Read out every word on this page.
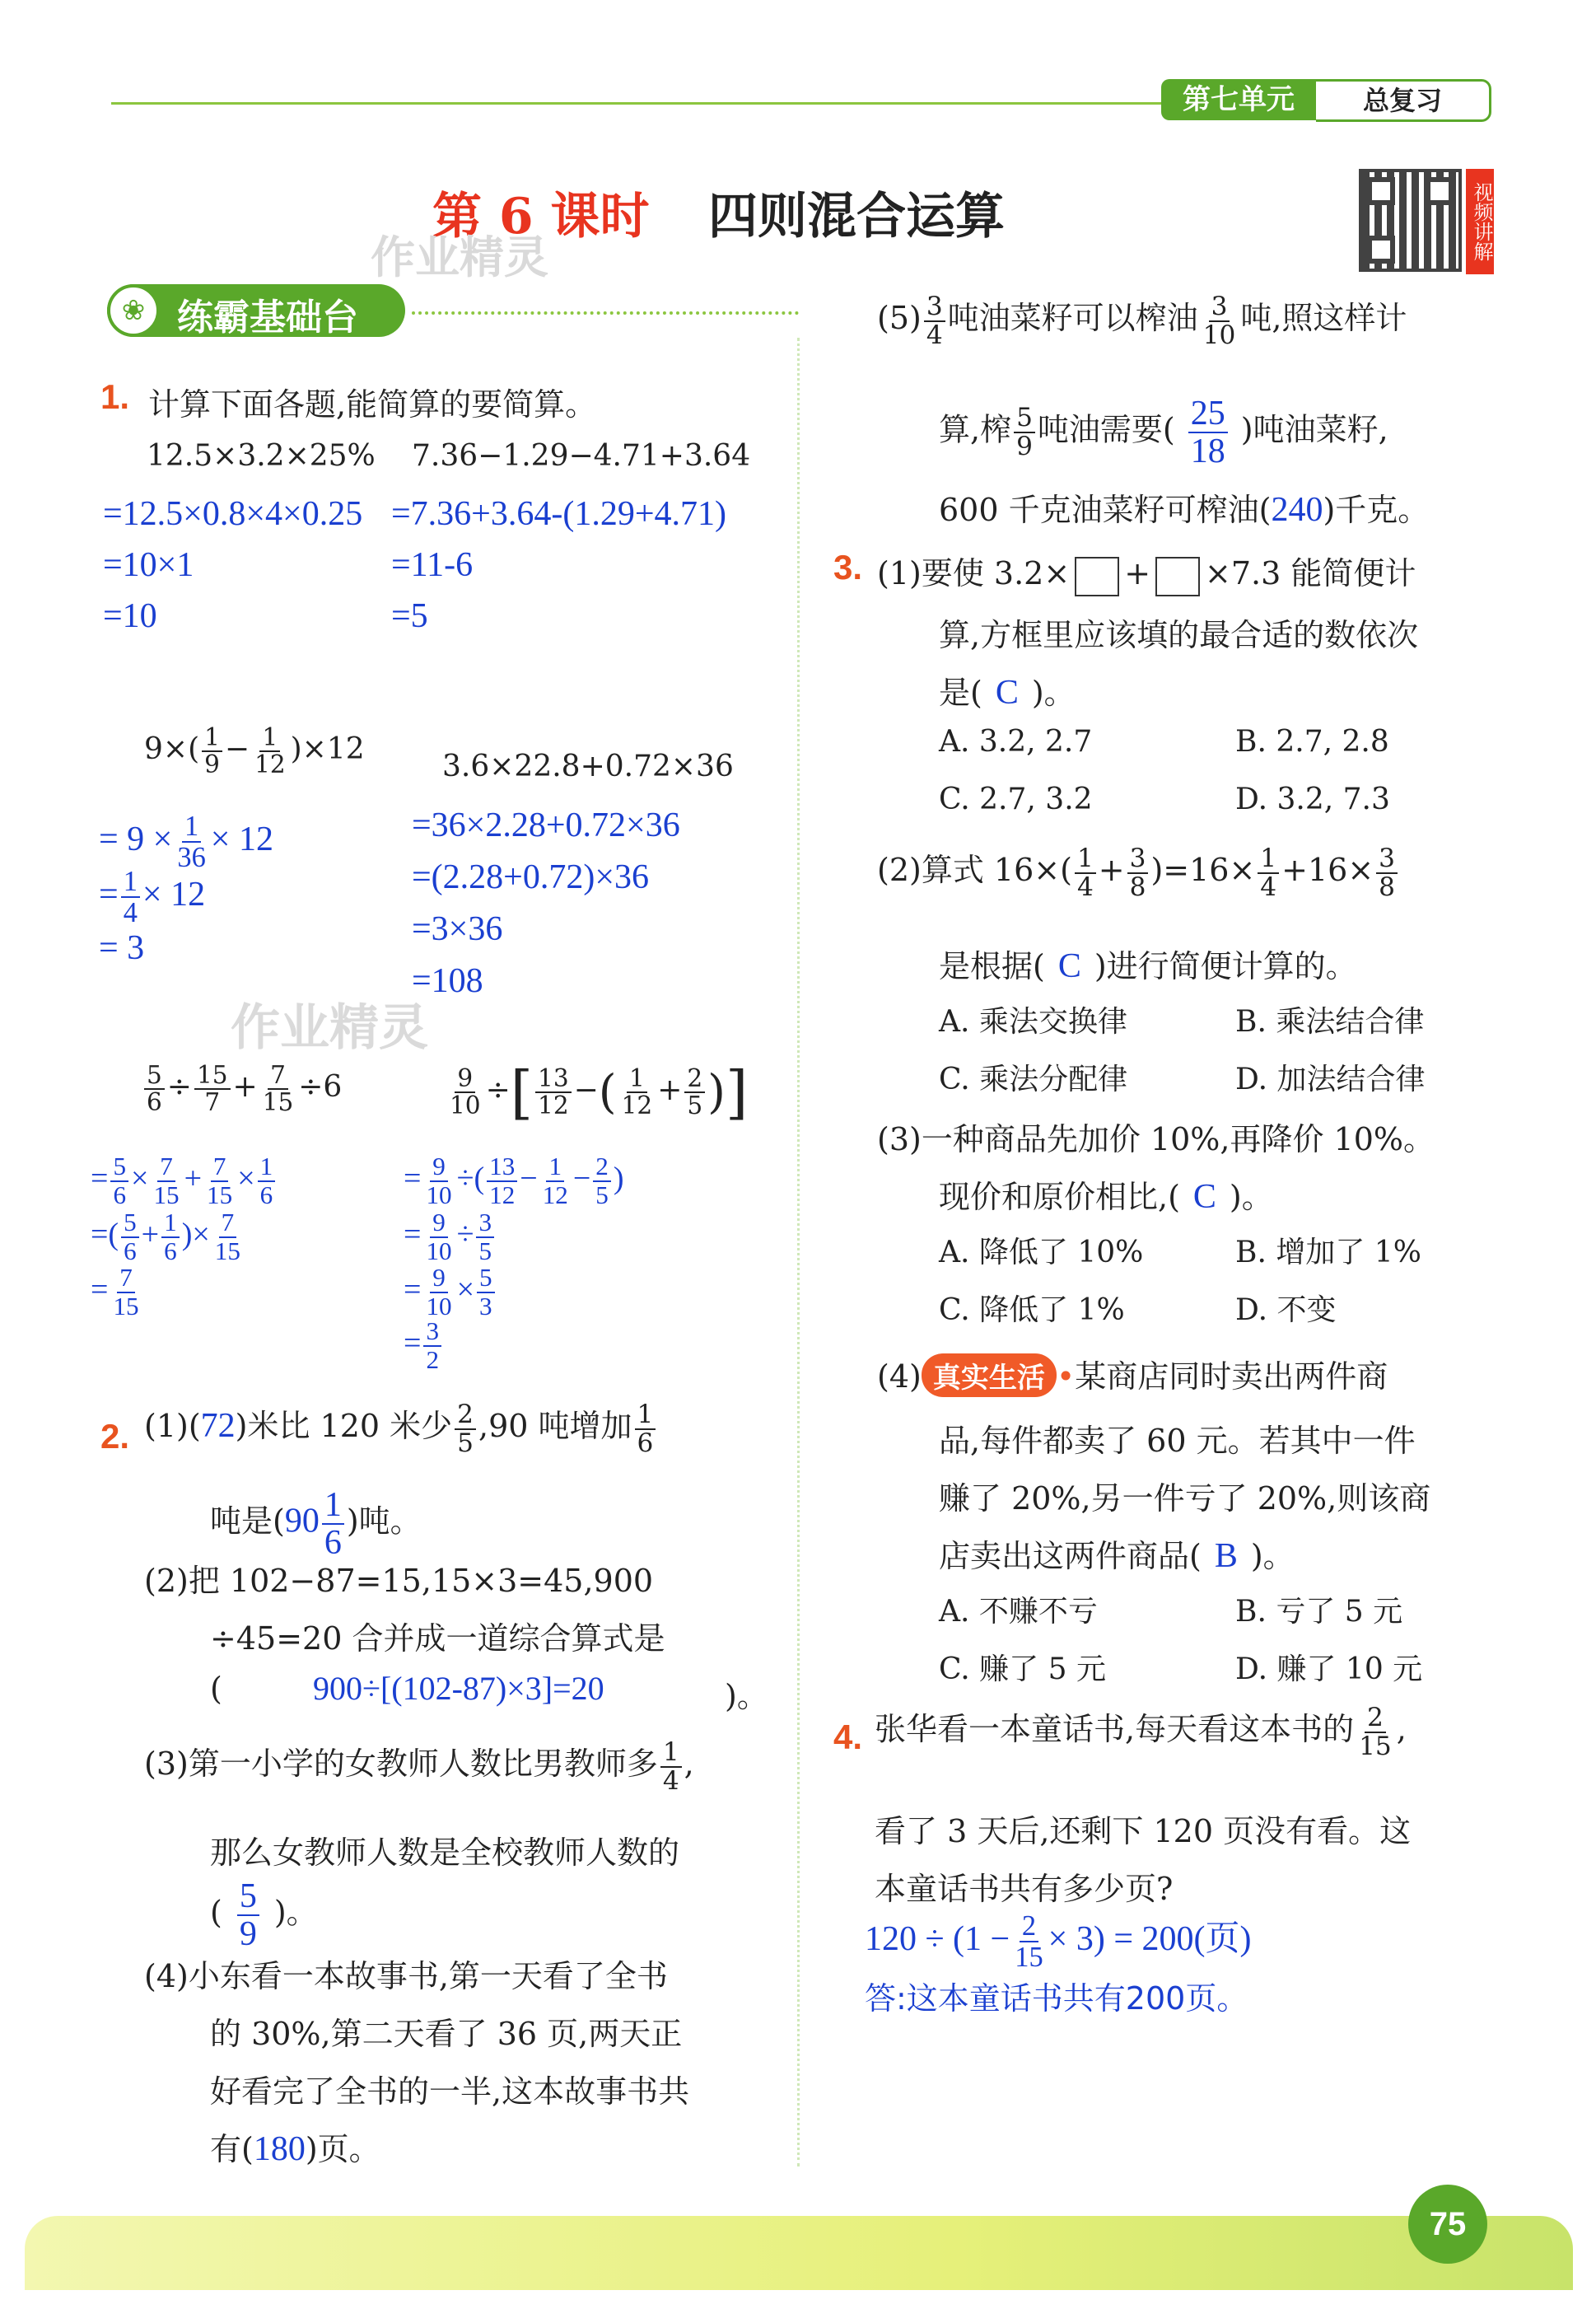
第七单元	总复习
第 6 课时 四则混合运算
作业精灵	视频讲解
❀ 练霸基础台
1. 计算下面各题,能简算的要简算。
12.5×3.2×25%
=12.5×0.8×4×0.25
=10×1
=10
7.36−1.29−4.71+3.64
=7.36+3.64-(1.29+4.71)
=11-6
=5
$9\times( \frac{1}{9} - \frac{1}{12} )\times 12$
= $9 \times \frac{1}{36} \times 12$
= $\frac{1}{4} \times 12$
= 3
3.6×22.8+0.72×36
=36×2.28+0.72×36
=(2.28+0.72)×36
=3×36
=108
作业精灵
$\frac{5}{6} \div \frac{15}{7} + \frac{7}{15} \div 6$
= $\frac{5}{6} \times \frac{7}{15} + \frac{7}{15} \times \frac{1}{6}$
=( $\frac{5}{6} + \frac{1}{6}$ )× $\frac{7}{15}$
= $\frac{7}{15}$
$\frac{9}{10}$ ÷[ $\frac{13}{12}$ −( $\frac{1}{12} + \frac{2}{5}$ )]
= $\frac{9}{10}$ ÷( $\frac{13}{12} - \frac{1}{12} - \frac{2}{5}$ )
= $\frac{9}{10} \div \frac{3}{5}$
= $\frac{9}{10} \times \frac{5}{3}$
= $\frac{3}{2}$
2. (1)(72)米比 120 米少 $\frac{2}{5} ,90$ 吨增加 $\frac{1}{6}$
吨是($90 \frac{1}{6}$ )吨。
(2)把 102−87=15,15×3=45,900
÷45=20 合并成一道综合算式是
(	900÷[(102-87)×3]=20	)。
(3)第一小学的女教师人数比男教师多 $\frac{1}{4}$ ,
那么女教师人数是全校教师人数的
( $\frac{5}{9}$ )。
(4)小东看一本故事书,第一天看了全书
的 30%,第二天看了 36 页,两天正
好看完了全书的一半,这本故事书共
有(180)页。
$(5) \frac{3}{4}$ 吨油菜籽可以榨油 $\frac{3}{10}$ 吨,照这样计
算,榨 $\frac{5}{9}$ 吨油需要( $\frac{25}{18}$ )吨油菜籽,
600 千克油菜籽可榨油(240)千克。
3. (1)要使 3.2× + ×7.3 能简便计
算,方框里应该填的最合适的数依次
是( C )。
A. 3.2, 2.7	B. 2.7, 2.8
C. 2.7, 3.2	D. 3.2, 7.3
(2)算式 $16\times( \frac{1}{4} + \frac{3}{8} )=16\times \frac{1}{4} +16\times \frac{3}{8}$
是根据( C )进行简便计算的。
A. 乘法交换律	B. 乘法结合律
C. 乘法分配律	D. 加法结合律
(3)一种商品先加价 10%,再降价 10%。
现价和原价相比,( C )。
A. 降低了 10%	B. 增加了 1%
C. 降低了 1%	D. 不变
(4) 真实生活 •某商店同时卖出两件商
品,每件都卖了 60 元。若其中一件
赚了 20%,另一件亏了 20%,则该商
店卖出这两件商品( B )。
A. 不赚不亏	B. 亏了 5 元
C. 赚了 5 元	D. 赚了 10 元
4. 张华看一本童话书,每天看这本书的 $\frac{2}{15}$ ,
看了 3 天后,还剩下 120 页没有看。这
本童话书共有多少页?
$120 \div (1 - \frac{2}{15} \times 3) = 200$(页)
答:这本童话书共有200页。
75
